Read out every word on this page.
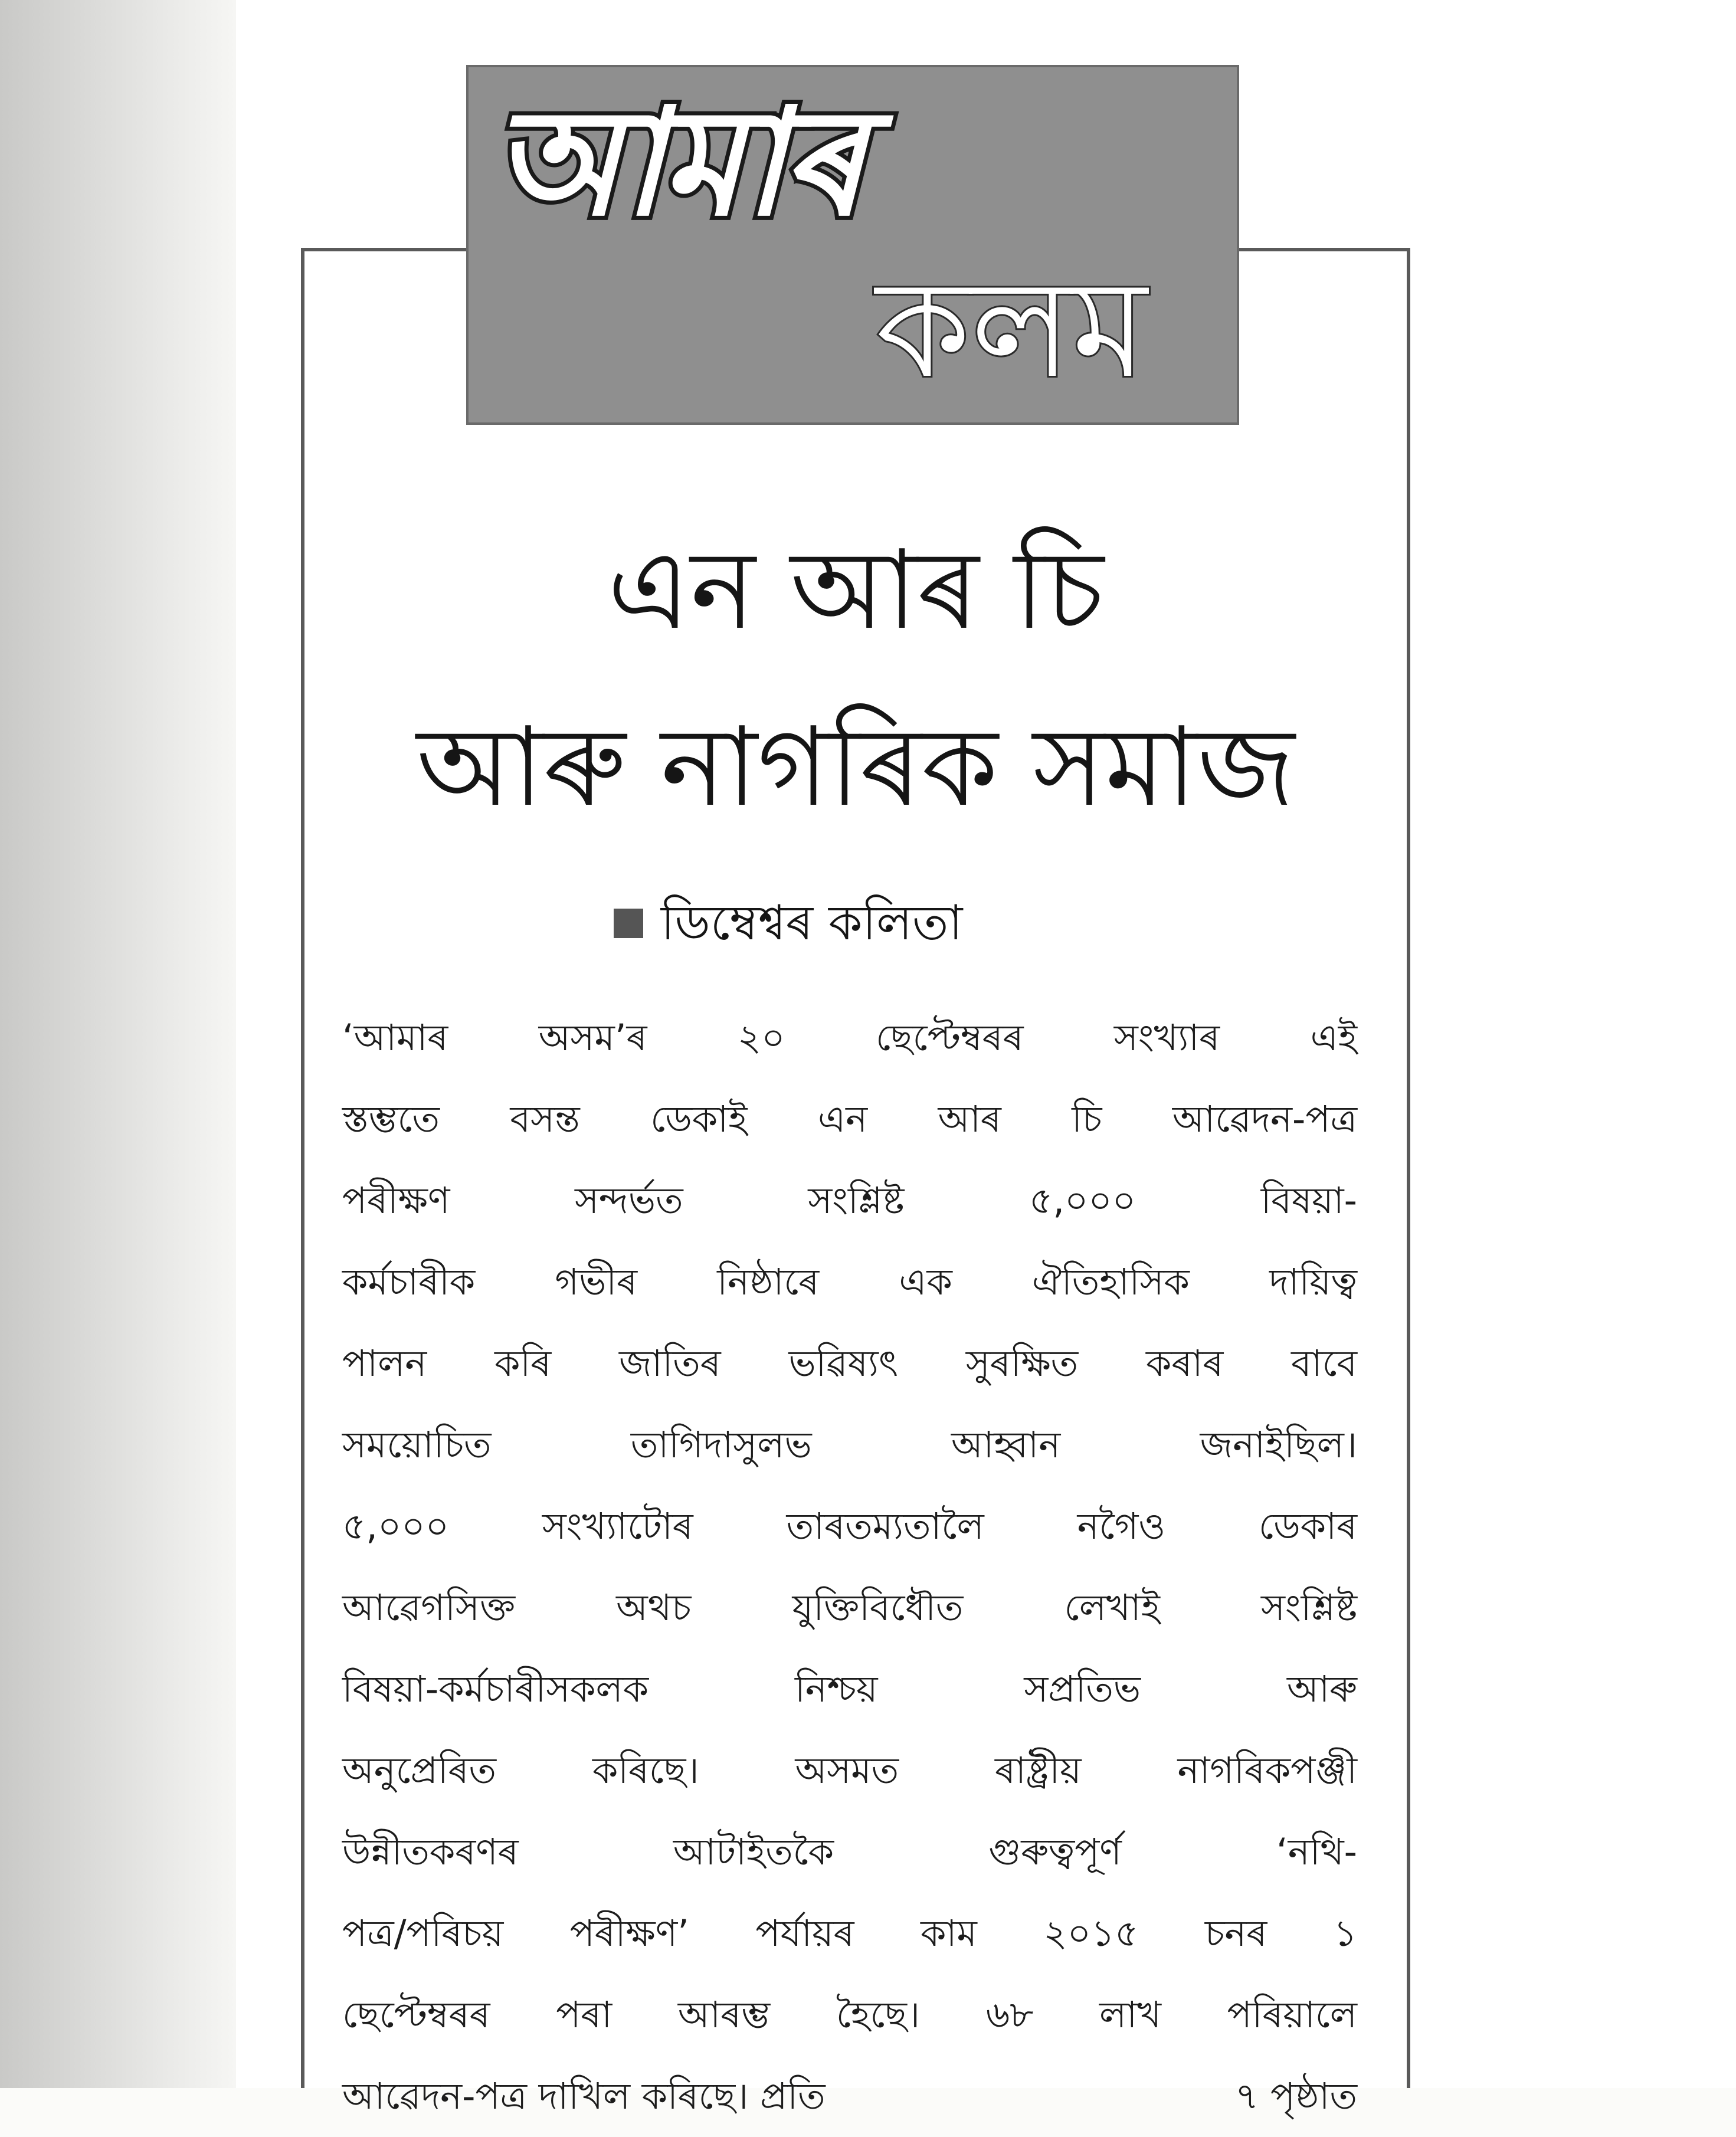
আমাৰ
কলম
এন আৰ চি
আৰু নাগৰিক সমাজ
ডিম্বেশ্বৰ কলিতা
‘আমাৰ অসম’ৰ ২০ ছেপ্টেম্বৰৰ সংখ্যাৰ এই
স্তম্ভতে বসন্ত ডেকাই এন আৰ চি আৱেদন-পত্ৰ
পৰীক্ষণ সন্দৰ্ভত সংশ্লিষ্ট ৫,০০০ বিষয়া-
কৰ্মচাৰীক গভীৰ নিষ্ঠাৰে এক ঐতিহাসিক দায়িত্ব
পালন কৰি জাতিৰ ভৱিষ্যৎ সুৰক্ষিত কৰাৰ বাবে
সময়োচিত তাগিদাসুলভ আহ্বান জনাইছিল।
৫,০০০ সংখ্যাটোৰ তাৰতম্যতালৈ নগৈও ডেকাৰ
আৱেগসিক্ত অথচ যুক্তিবিধৌত লেখাই সংশ্লিষ্ট
বিষয়া-কৰ্মচাৰীসকলক নিশ্চয় সপ্ৰতিভ আৰু
অনুপ্ৰেৰিত কৰিছে। অসমত ৰাষ্ট্ৰীয় নাগৰিকপঞ্জী
উন্নীতকৰণৰ আটাইতকৈ গুৰুত্বপূৰ্ণ ‘নথি-
পত্ৰ/পৰিচয় পৰীক্ষণ’ পৰ্যায়ৰ কাম ২০১৫ চনৰ ১
ছেপ্টেম্বৰৰ পৰা আৰম্ভ হৈছে। ৬৮ লাখ পৰিয়ালে
আৱেদন-পত্ৰ দাখিল কৰিছে। প্ৰতি	৭ পৃষ্ঠাত
